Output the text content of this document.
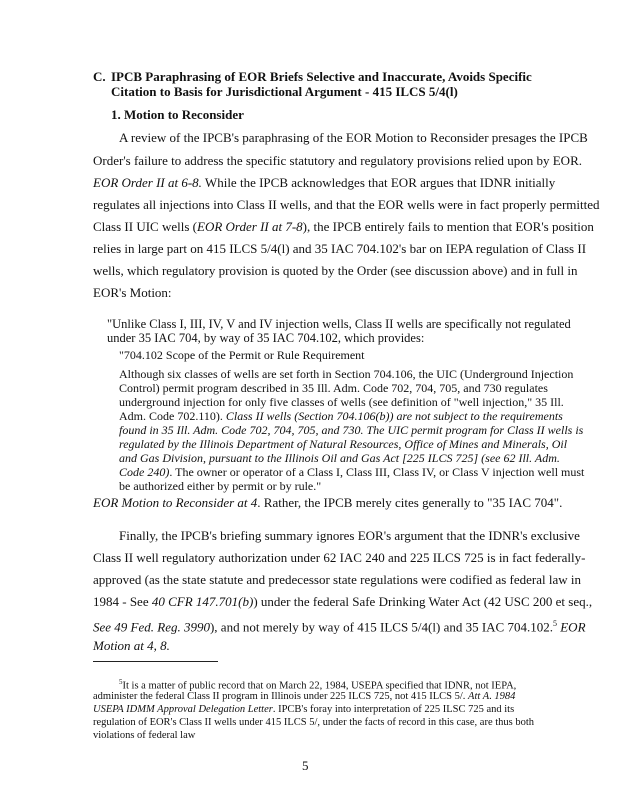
C. IPCB Paraphrasing of EOR Briefs Selective and Inaccurate, Avoids Specific
Citation to Basis for Jurisdictional Argument - 415 ILCS 5/4(l)
1. Motion to Reconsider
A review of the IPCB's paraphrasing of the EOR Motion to Reconsider presages the IPCB
Order's failure to address the specific statutory and regulatory provisions relied upon by EOR.
EOR Order II at 6-8. While the IPCB acknowledges that EOR argues that IDNR initially
regulates all injections into Class II wells, and that the EOR wells were in fact properly permitted
Class II UIC wells (EOR Order II at 7-8), the IPCB entirely fails to mention that EOR's position
relies in large part on 415 ILCS 5/4(l) and 35 IAC 704.102's bar on IEPA regulation of Class II
wells, which regulatory provision is quoted by the Order (see discussion above) and in full in
EOR's Motion:
"Unlike Class I, III, IV, V and IV injection wells, Class II wells are specifically not regulated
under 35 IAC 704, by way of 35 IAC 704.102, which provides:
"704.102 Scope of the Permit or Rule Requirement
Although six classes of wells are set forth in Section 704.106, the UIC (Underground Injection
Control) permit program described in 35 Ill. Adm. Code 702, 704, 705, and 730 regulates
underground injection for only five classes of wells (see definition of "well injection," 35 Ill.
Adm. Code 702.110). Class II wells (Section 704.106(b)) are not subject to the requirements
found in 35 Ill. Adm. Code 702, 704, 705, and 730. The UIC permit program for Class II wells is
regulated by the Illinois Department of Natural Resources, Office of Mines and Minerals, Oil
and Gas Division, pursuant to the Illinois Oil and Gas Act [225 ILCS 725] (see 62 Ill. Adm.
Code 240). The owner or operator of a Class I, Class III, Class IV, or Class V injection well must
be authorized either by permit or by rule."
EOR Motion to Reconsider at 4. Rather, the IPCB merely cites generally to "35 IAC 704".
Finally, the IPCB's briefing summary ignores EOR's argument that the IDNR's exclusive
Class II well regulatory authorization under 62 IAC 240 and 225 ILCS 725 is in fact federally-
approved (as the state statute and predecessor state regulations were codified as federal law in
1984 - See 40 CFR 147.701(b)) under the federal Safe Drinking Water Act (42 USC 200 et seq.,
See 49 Fed. Reg. 3990), and not merely by way of 415 ILCS 5/4(l) and 35 IAC 704.102.$^5$ EOR
Motion at 4, 8.
$^5$It is a matter of public record that on March 22, 1984, USEPA specified that IDNR, not IEPA,
administer the federal Class II program in Illinois under 225 ILCS 725, not 415 ILCS 5/. Att A. 1984
USEPA IDMM Approval Delegation Letter. IPCB's foray into interpretation of 225 ILSC 725 and its
regulation of EOR's Class II wells under 415 ILCS 5/, under the facts of record in this case, are thus both
violations of federal law
5
